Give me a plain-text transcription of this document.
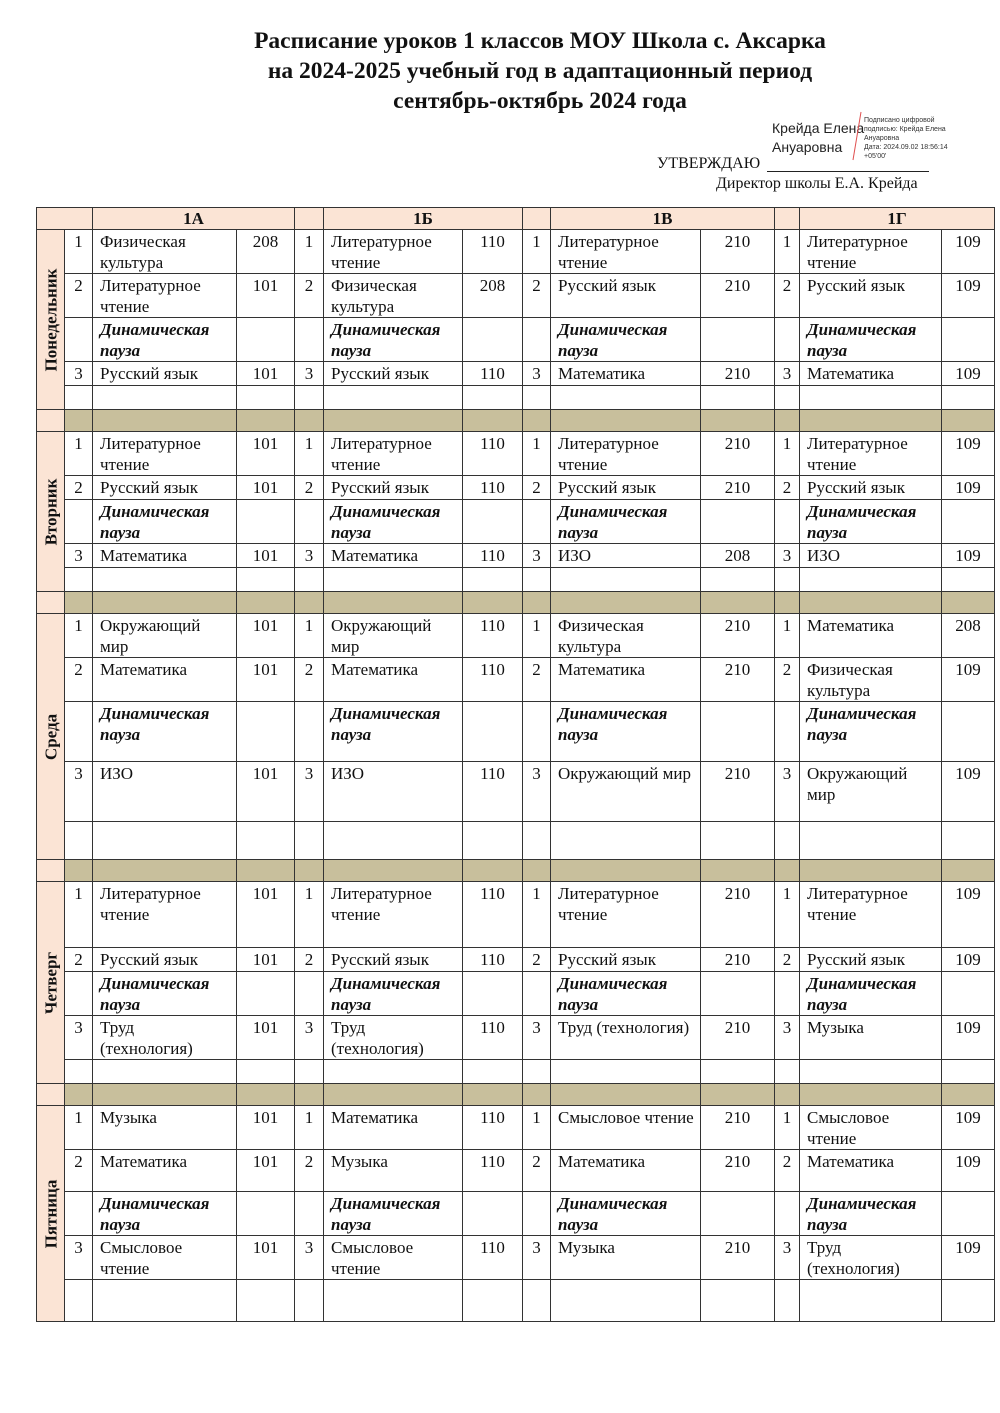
Расписание уроков 1 классов МОУ Школа с. Аксарка
на 2024-2025 учебный год в адаптационный период
сентябрь-октябрь 2024 года
Крейда Елена
Ануаровна
Подписано цифровой
подписью: Крейда Елена
Ануаровна
Дата: 2024.09.02 18:56:14
+05'00'
УТВЕРЖДАЮ
Директор школы Е.А. Крейда
		1А			1Б			1В			1Г		

Понедельник	1	Физическая культура	208	1	Литературное чтение	110	1	Литературное чтение	210	1	Литературное чтение	109	
	2	Литературное чтение	101	2	Физическая культура	208	2	Русский язык	210	2	Русский язык	109	
		Динамическая пауза			Динамическая пауза			Динамическая пауза			Динамическая пауза		
	3	Русский язык	101	3	Русский язык	110	3	Математика	210	3	Математика	109	

Вторник	1	Литературное чтение	101	1	Литературное чтение	110	1	Литературное чтение	210	1	Литературное чтение	109	
	2	Русский язык	101	2	Русский язык	110	2	Русский язык	210	2	Русский язык	109	
		Динамическая пауза			Динамическая пауза			Динамическая пауза			Динамическая пауза		
	3	Математика	101	3	Математика	110	3	ИЗО	208	3	ИЗО	109	

Среда	1	Окружающий мир	101	1	Окружающий мир	110	1	Физическая культура	210	1	Математика	208	
	2	Математика	101	2	Математика	110	2	Математика	210	2	Физическая культура	109	
		Динамическая пауза			Динамическая пауза			Динамическая пауза			Динамическая пауза		
	3	ИЗО	101	3	ИЗО	110	3	Окружающий мир	210	3	Окружающий мир	109	

Четверг	1	Литературное чтение	101	1	Литературное чтение	110	1	Литературное чтение	210	1	Литературное чтение	109	
	2	Русский язык	101	2	Русский язык	110	2	Русский язык	210	2	Русский язык	109	
		Динамическая пауза			Динамическая пауза			Динамическая пауза			Динамическая пауза		
	3	Труд (технология)	101	3	Труд (технология)	110	3	Труд (технология)	210	3	Музыка	109	

Пятница	1	Музыка	101	1	Математика	110	1	Смысловое чтение	210	1	Смысловое чтение	109	
	2	Математика	101	2	Музыка	110	2	Математика	210	2	Математика	109	
		Динамическая пауза			Динамическая пауза			Динамическая пауза			Динамическая пауза		
	3	Смысловое чтение	101	3	Смысловое чтение	110	3	Музыка	210	3	Труд (технология)	109	
